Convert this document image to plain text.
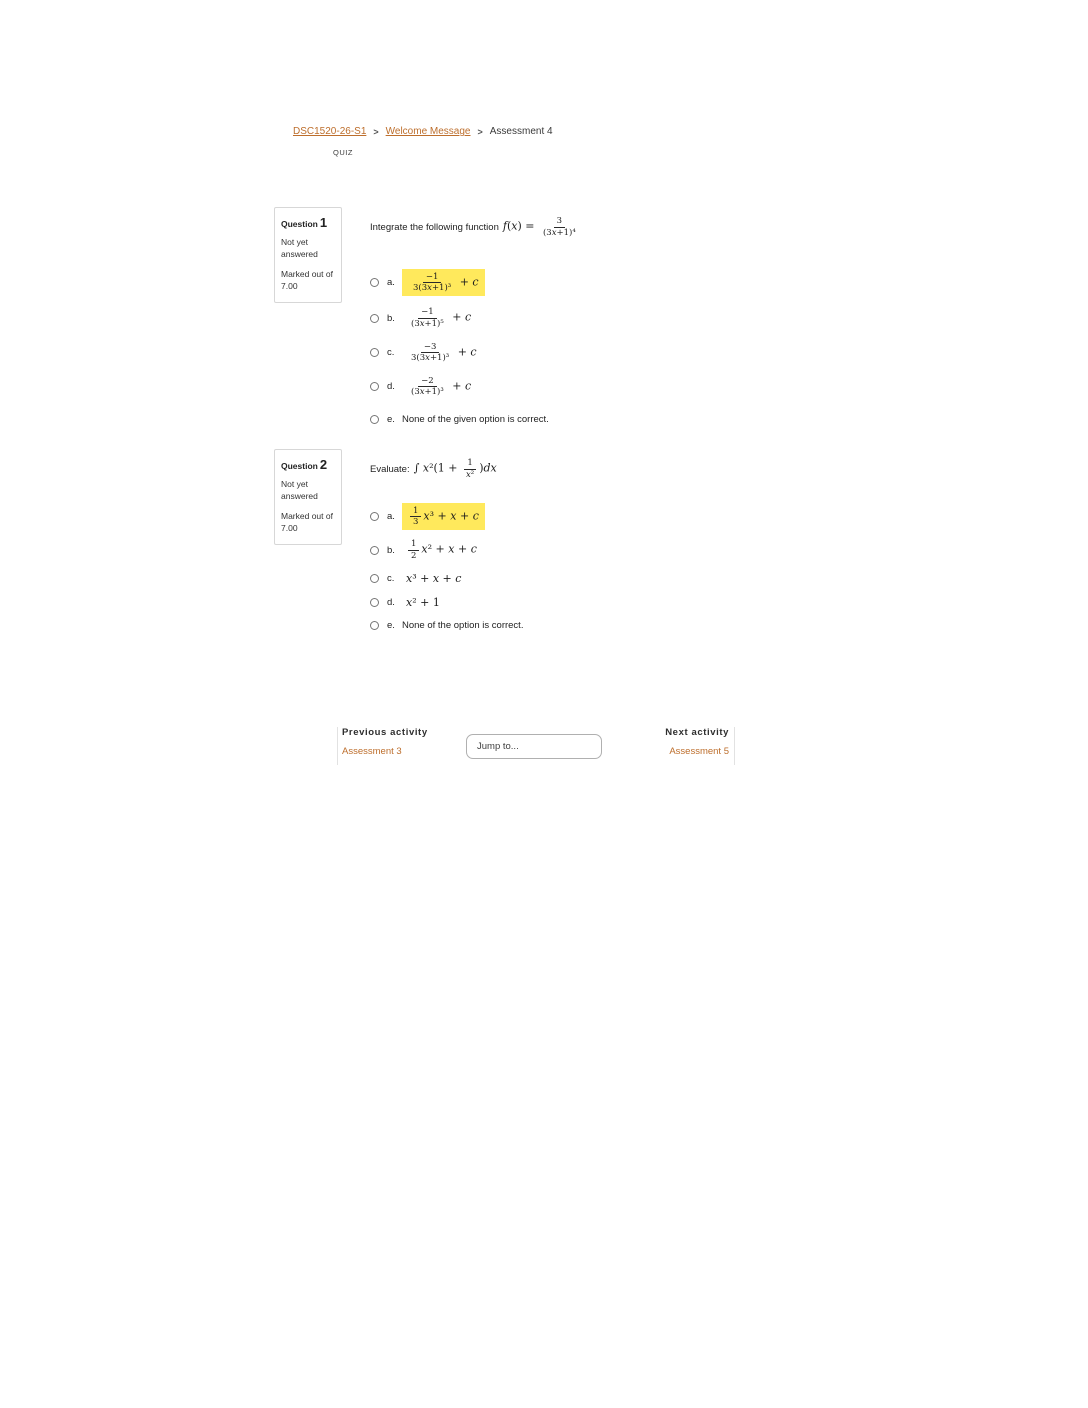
DSC1520-26-S1 > Welcome Message > Assessment 4
QUIZ
Question 1
Not yet answered
Marked out of 7.00
Integrate the following function $f(x) = \frac{3}{\text{(3x+1)⁴}}$
a.	$\frac{-1}{\text{3(3x+1)³}} + c$
b.	$\frac{-1}{\text{(3x+1)⁵}} + c$
c.	$\frac{-3}{\text{3(3x+1)³}} + c$
d.	$\frac{-2}{\text{(3x+1)³}} + c$
e. None of the given option is correct.
Question 2
Not yet answered
Marked out of 7.00
Evaluate: ∫ $x^2(1 + \frac{1}{\text{x²}} )dx$
a.	$\frac{1}{3} x^3 + x + c$
b.	$\frac{1}{2} x^2 + x + c$
c.	x³ + x + c
d.	x² + 1
e. None of the option is correct.
Previous activity
Assessment 3
Jump to...
Next activity
Assessment 5
